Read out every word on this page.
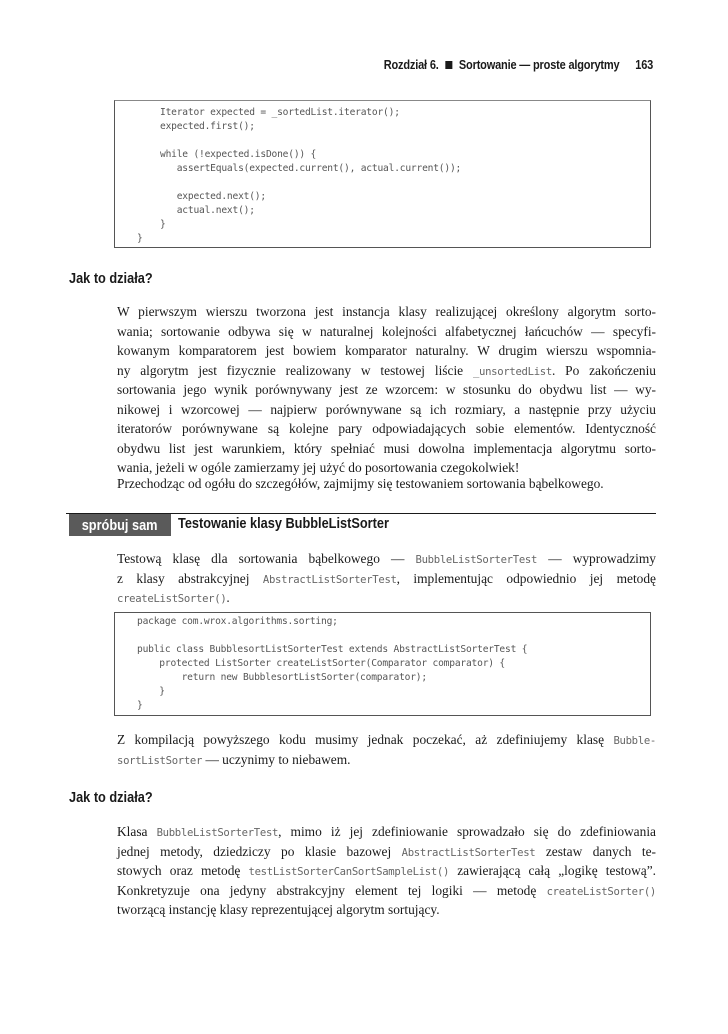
Rozdział 6. Sortowanie — proste algorytmy 163
Iterator expected = _sortedList.iterator();
expected.first();
while (!expected.isDone()) {
assertEquals(expected.current(), actual.current());
expected.next();
actual.next();
}
}
Jak to działa?
W pierwszym wierszu tworzona jest instancja klasy realizującej określony algorytm sorto-
wania; sortowanie odbywa się w naturalnej kolejności alfabetycznej łańcuchów — specyfi-
kowanym komparatorem jest bowiem komparator naturalny. W drugim wierszu wspomnia-
ny algorytm jest fizycznie realizowany w testowej liście _unsortedList. Po zakończeniu
sortowania jego wynik porównywany jest ze wzorcem: w stosunku do obydwu list — wy-
nikowej i wzorcowej — najpierw porównywane są ich rozmiary, a następnie przy użyciu
iteratorów porównywane są kolejne pary odpowiadających sobie elementów. Identyczność
obydwu list jest warunkiem, który spełniać musi dowolna implementacja algorytmu sorto-
wania, jeżeli w ogóle zamierzamy jej użyć do posortowania czegokolwiek!
Przechodząc od ogółu do szczegółów, zajmijmy się testowaniem sortowania bąbelkowego.
spróbuj sam Testowanie klasy BubbleListSorter
Testową klasę dla sortowania bąbelkowego — BubbleListSorterTest — wyprowadzimy
z klasy abstrakcyjnej AbstractListSorterTest, implementując odpowiednio jej metodę
createListSorter().
package com.wrox.algorithms.sorting;
public class BubblesortListSorterTest extends AbstractListSorterTest {
protected ListSorter createListSorter(Comparator comparator) {
return new BubblesortListSorter(comparator);
}
}
Z kompilacją powyższego kodu musimy jednak poczekać, aż zdefiniujemy klasę Bubble-
sortListSorter — uczynimy to niebawem.
Jak to działa?
Klasa BubbleListSorterTest, mimo iż jej zdefiniowanie sprowadzało się do zdefiniowania
jednej metody, dziedziczy po klasie bazowej AbstractListSorterTest zestaw danych te-
stowych oraz metodę testListSorterCanSortSampleList() zawierającą całą „logikę testową”.
Konkretyzuje ona jedyny abstrakcyjny element tej logiki — metodę createListSorter()
tworzącą instancję klasy reprezentującej algorytm sortujący.
